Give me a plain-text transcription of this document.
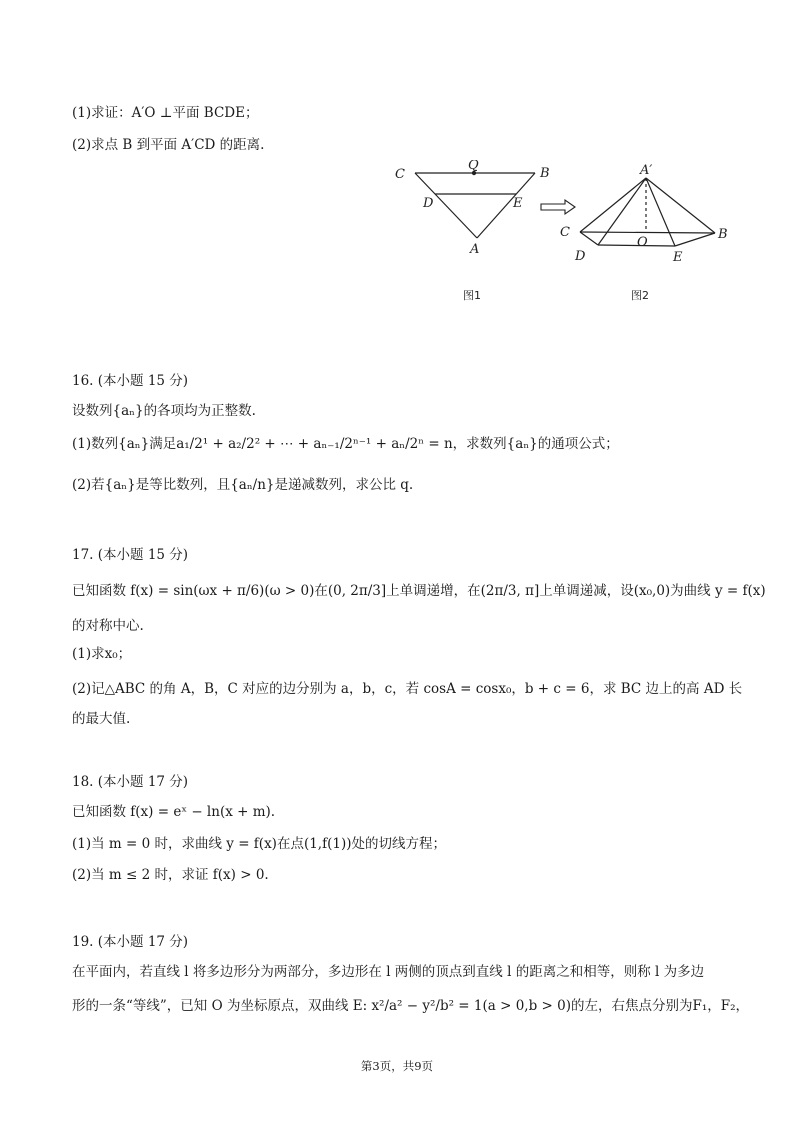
(1)求证：A′O ⊥平面 BCDE；
(2)求点 B 到平面 A′CD 的距离.
C
Q
B
D	E
A
A′
C
O
B
D	E
图1	图2
16. (本小题 15 分)
设数列{aₙ}的各项均为正整数.
(1)数列{aₙ}满足a₁/2¹ + a₂/2² + ⋯ + aₙ₋₁/2ⁿ⁻¹ + aₙ/2ⁿ = n，求数列{aₙ}的通项公式；
(2)若{aₙ}是等比数列，且{aₙ/n}是递减数列，求公比 q.
17. (本小题 15 分)
已知函数 f(x) = sin(ωx + π/6)(ω > 0)在(0, 2π/3]上单调递增，在(2π/3, π]上单调递减，设(x₀,0)为曲线 y = f(x)
的对称中心.
(1)求x₀；
(2)记△ABC 的角 A，B，C 对应的边分别为 a，b，c，若 cosA = cosx₀，b + c = 6，求 BC 边上的高 AD 长
的最大值.
18. (本小题 17 分)
已知函数 f(x) = eˣ − ln(x + m).
(1)当 m = 0 时，求曲线 y = f(x)在点(1,f(1))处的切线方程；
(2)当 m ≤ 2 时，求证 f(x) > 0.
19. (本小题 17 分)
在平面内，若直线 l 将多边形分为两部分，多边形在 l 两侧的顶点到直线 l 的距离之和相等，则称 l 为多边
形的一条“等线”，已知 O 为坐标原点，双曲线 E: x²/a² − y²/b² = 1(a > 0,b > 0)的左，右焦点分别为F₁，F₂，
第3页，共9页
